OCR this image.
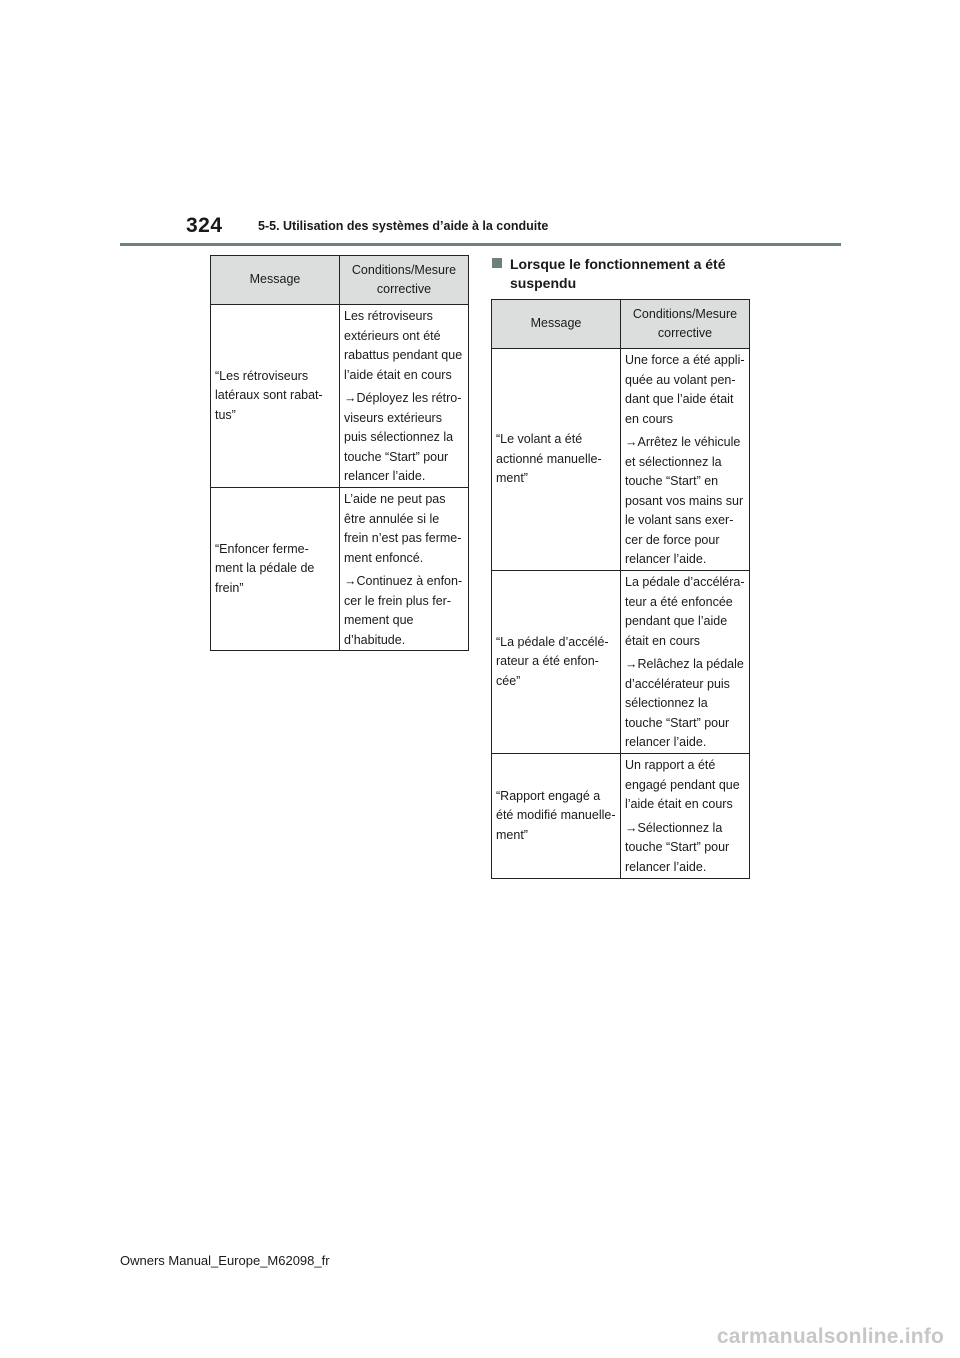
324	5-5. Utilisation des systèmes d’aide à la conduite
Message	Conditions/Mesure corrective
“Les rétroviseurs latéraux sont rabat-tus”	Les rétroviseurs extérieurs ont été rabattus pendant que l’aide était en cours

→Déployez les rétro-viseurs extérieurs puis sélectionnez la touche “Start” pour relancer l’aide.

“Enfoncer ferme-ment la pédale de frein”	L’aide ne peut pas être annulée si le frein n’est pas ferme-ment enfoncé.

→Continuez à enfon-cer le frein plus fer-mement que d’habitude.

Lorsque le fonctionnement a été
suspendu
Message	Conditions/Mesure corrective
“Le volant a été actionné manuelle-ment”	Une force a été appli-quée au volant pen-dant que l’aide était en cours

→Arrêtez le véhicule et sélectionnez la touche “Start” en posant vos mains sur le volant sans exer-cer de force pour relancer l’aide.

“La pédale d’accélé-rateur a été enfon-cée”	La pédale d’accéléra-teur a été enfoncée pendant que l’aide était en cours

→Relâchez la pédale d’accélérateur puis sélectionnez la touche “Start” pour relancer l’aide.

“Rapport engagé a été modifié manuelle-ment”	Un rapport a été engagé pendant que l’aide était en cours

→Sélectionnez la touche “Start” pour relancer l’aide.

Owners Manual_Europe_M62098_fr
carmanualsonline.info
